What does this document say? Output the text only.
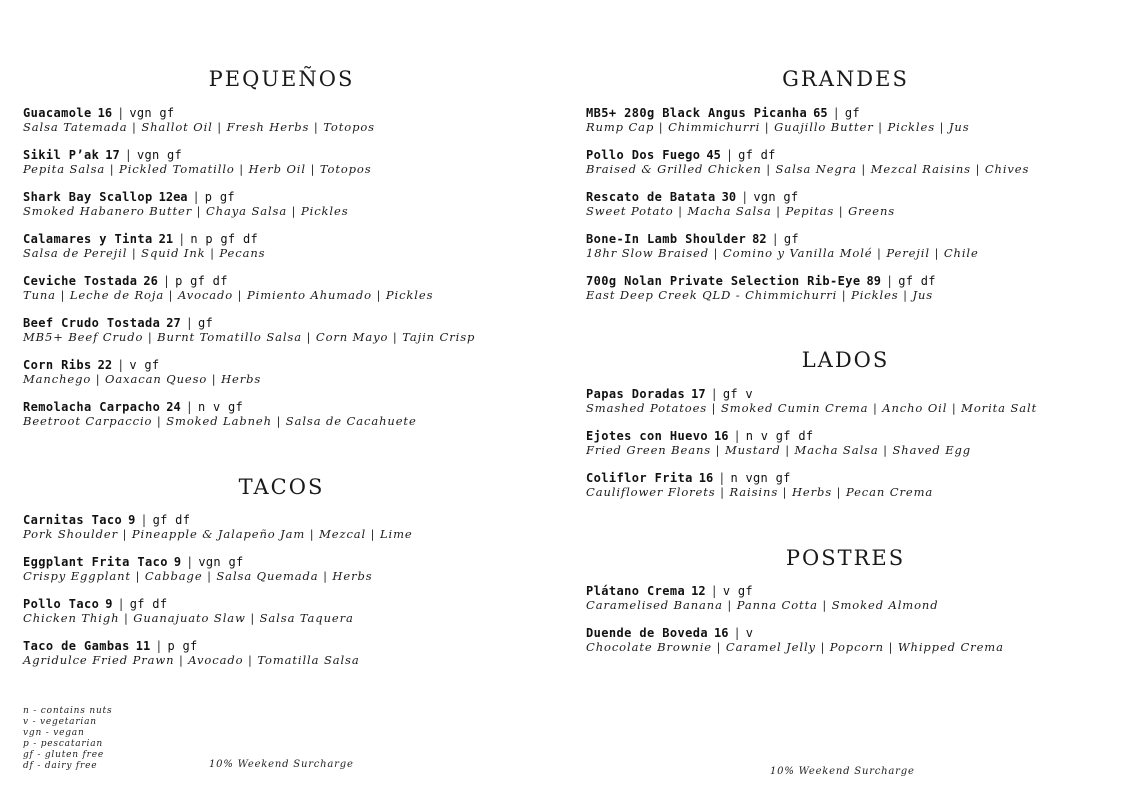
PEQUEÑOS
Guacamole 16 | vgn gf
Salsa Tatemada | Shallot Oil | Fresh Herbs | Totopos
Sikil P’ak 17 | vgn gf
Pepita Salsa | Pickled Tomatillo | Herb Oil | Totopos
Shark Bay Scallop 12ea | p gf
Smoked Habanero Butter | Chaya Salsa | Pickles
Calamares y Tinta 21 | n p gf df
Salsa de Perejil | Squid Ink | Pecans
Ceviche Tostada 26 | p gf df
Tuna | Leche de Roja | Avocado | Pimiento Ahumado | Pickles
Beef Crudo Tostada 27 | gf
MB5+ Beef Crudo | Burnt Tomatillo Salsa | Corn Mayo | Tajin Crisp
Corn Ribs 22 | v gf
Manchego | Oaxacan Queso | Herbs
Remolacha Carpacho 24 | n v gf
Beetroot Carpaccio | Smoked Labneh | Salsa de Cacahuete
TACOS
Carnitas Taco 9 | gf df
Pork Shoulder | Pineapple & Jalapeño Jam | Mezcal | Lime
Eggplant Frita Taco 9 | vgn gf
Crispy Eggplant | Cabbage | Salsa Quemada | Herbs
Pollo Taco 9 | gf df
Chicken Thigh | Guanajuato Slaw | Salsa Taquera
Taco de Gambas 11 | p gf
Agridulce Fried Prawn | Avocado | Tomatilla Salsa
n - contains nuts
v - vegetarian
vgn - vegan
p - pescatarian
gf - gluten free
df - dairy free	10% Weekend Surcharge
GRANDES
MB5+ 280g Black Angus Picanha 65 | gf
Rump Cap | Chimmichurri | Guajillo Butter | Pickles | Jus
Pollo Dos Fuego 45 | gf df
Braised & Grilled Chicken | Salsa Negra | Mezcal Raisins | Chives
Rescato de Batata 30 | vgn gf
Sweet Potato | Macha Salsa | Pepitas | Greens
Bone-In Lamb Shoulder 82 | gf
18hr Slow Braised | Comino y Vanilla Molé | Perejil | Chile
700g Nolan Private Selection Rib-Eye 89 | gf df
East Deep Creek QLD - Chimmichurri | Pickles | Jus
LADOS
Papas Doradas 17 | gf v
Smashed Potatoes | Smoked Cumin Crema | Ancho Oil | Morita Salt
Ejotes con Huevo 16 | n v gf df
Fried Green Beans | Mustard | Macha Salsa | Shaved Egg
Coliflor Frita 16 | n vgn gf
Cauliflower Florets | Raisins | Herbs | Pecan Crema
POSTRES
Plátano Crema 12 | v gf
Caramelised Banana | Panna Cotta | Smoked Almond
Duende de Boveda 16 | v
Chocolate Brownie | Caramel Jelly | Popcorn | Whipped Crema
10% Weekend Surcharge
